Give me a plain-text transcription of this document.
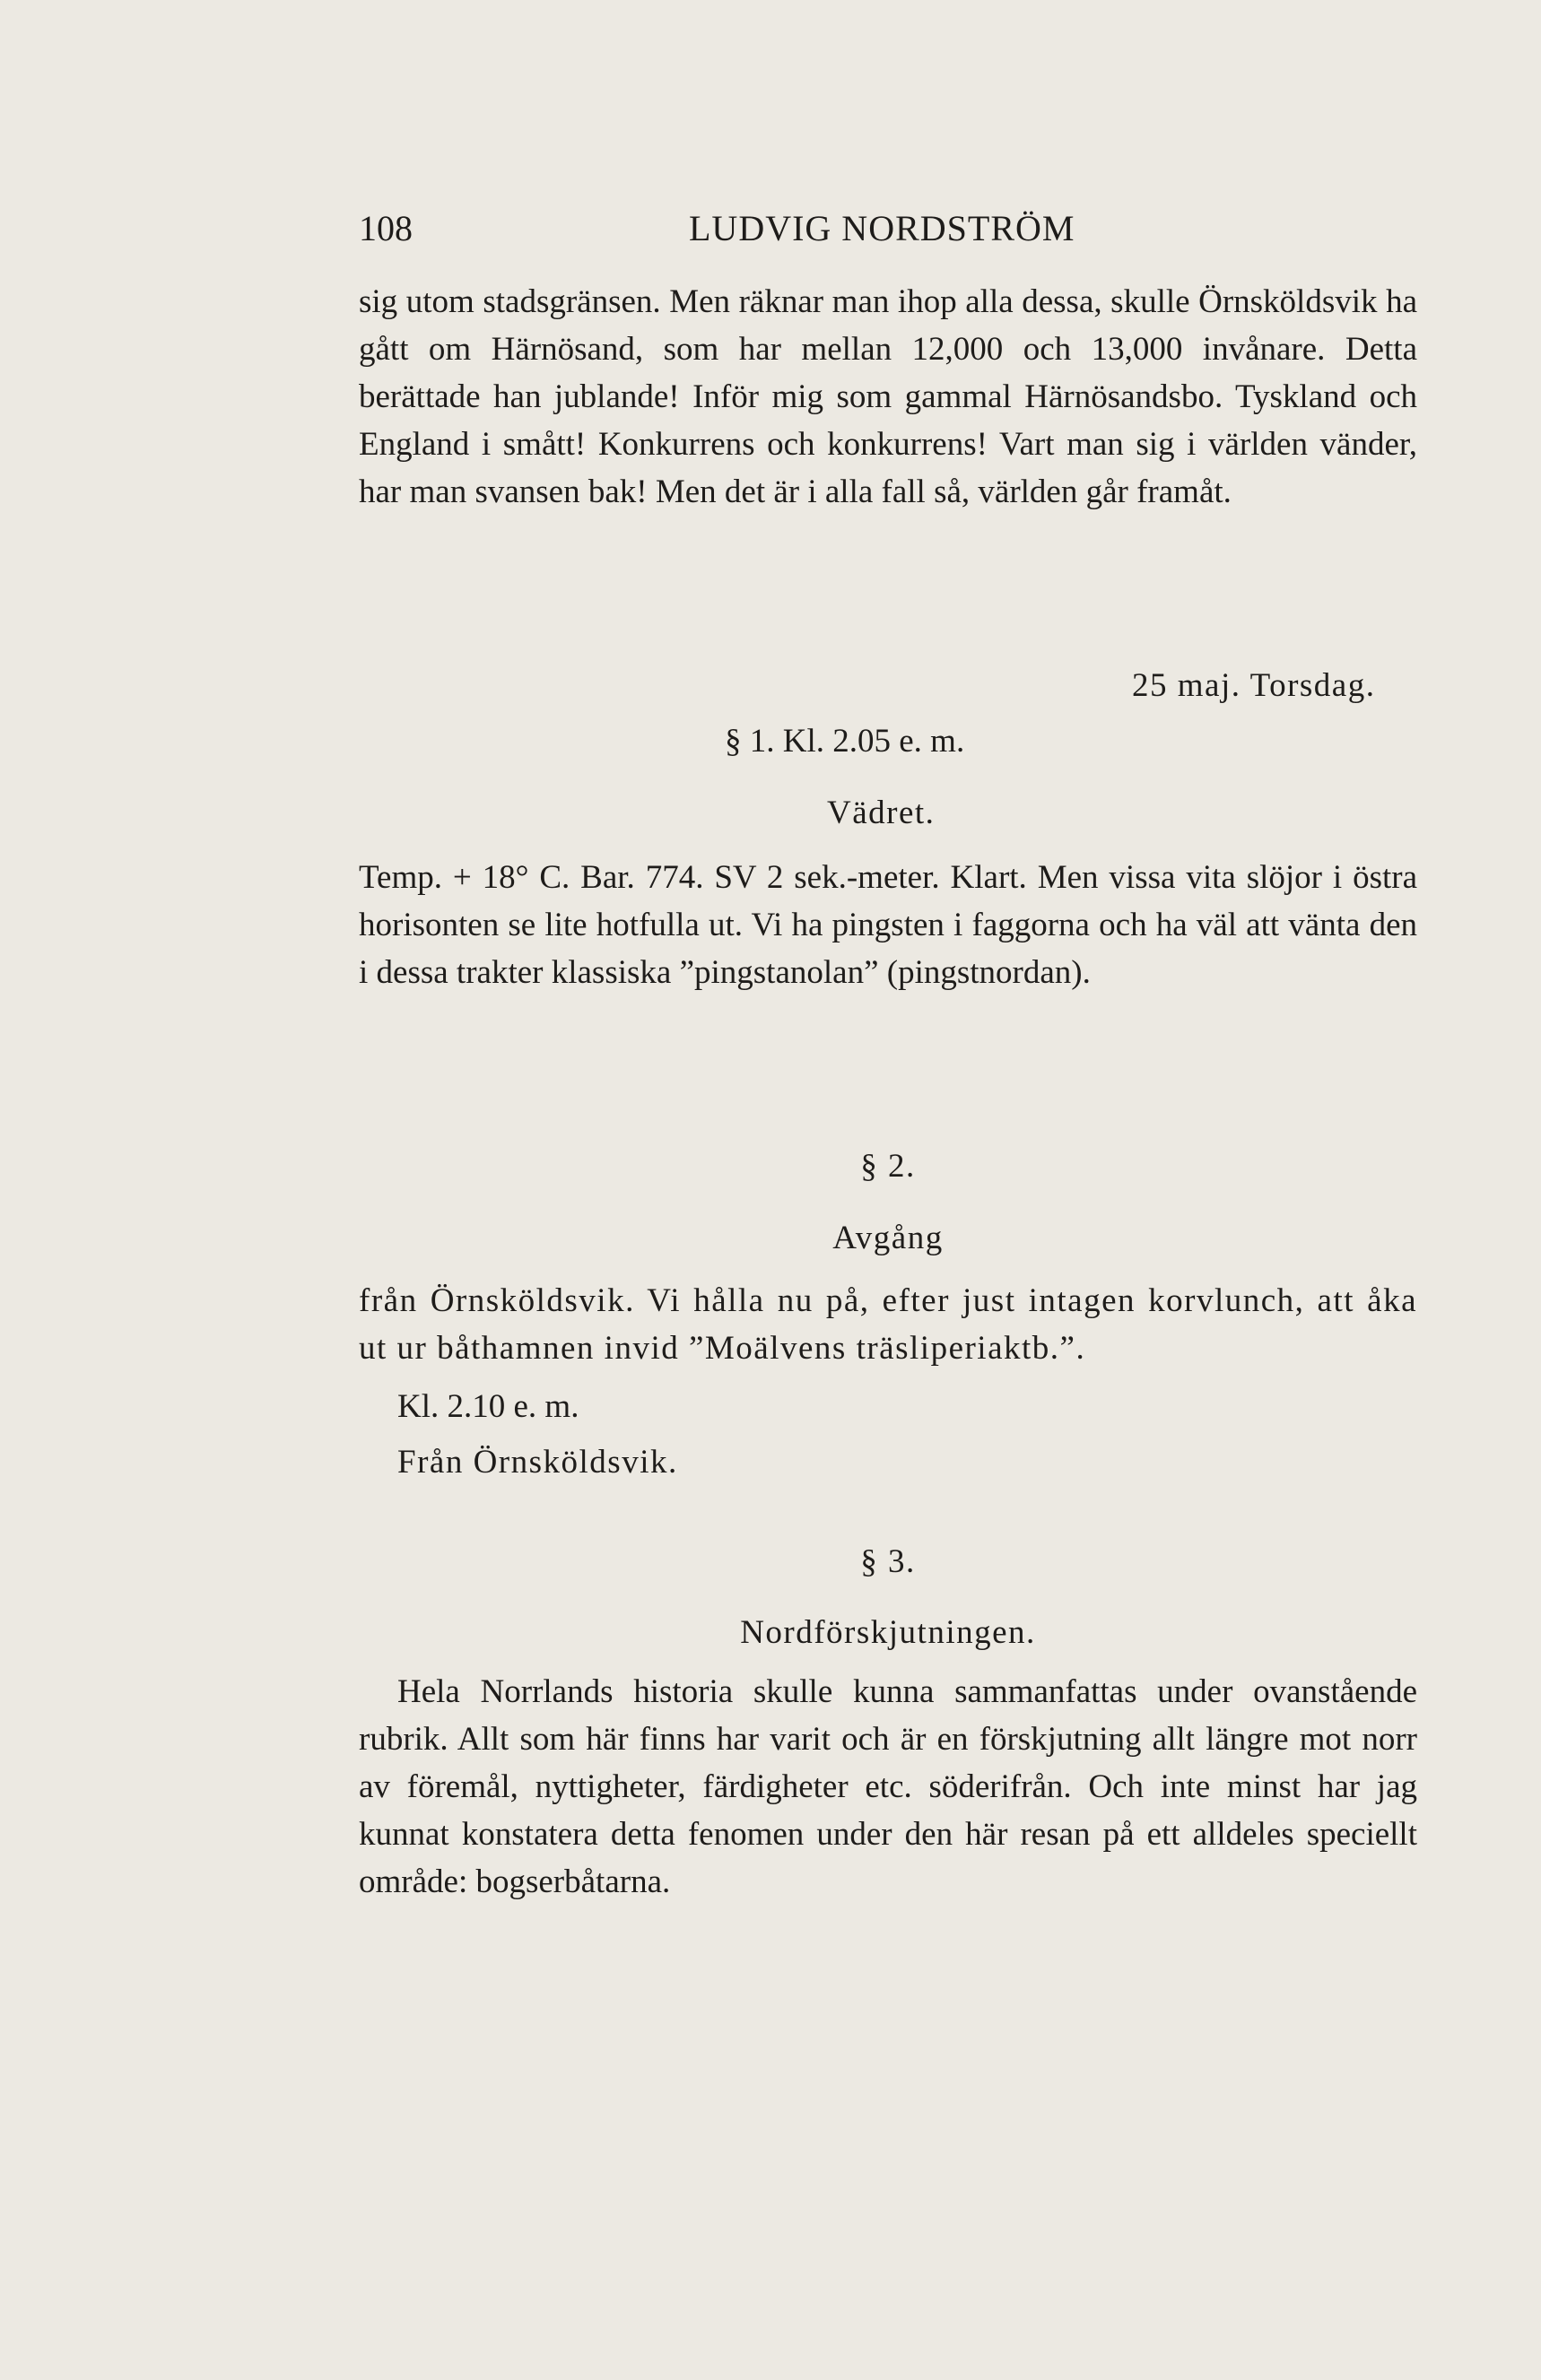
108	LUDVIG NORDSTRÖM
sig utom stadsgränsen. Men räknar man ihop alla dessa, skulle Örnsköldsvik ha gått om Härnösand, som har mellan 12,000 och 13,000 invånare. Detta berättade han jublande! Inför mig som gammal Härnösandsbo. Tyskland och England i smått! Konkurrens och konkurrens! Vart man sig i världen vänder, har man svansen bak! Men det är i alla fall så, världen går framåt.
25 maj. Torsdag.
§ 1. Kl. 2.05 e. m.
Vädret.
Temp. + 18° C. Bar. 774. SV 2 sek.-meter. Klart. Men vissa vita slöjor i östra horisonten se lite hotfulla ut. Vi ha pingsten i faggorna och ha väl att vänta den i dessa trakter klassiska ”pingstanolan” (pingstnordan).
§ 2.
Avgång
från Örnsköldsvik. Vi hålla nu på, efter just intagen korvlunch, att åka ut ur båthamnen invid ”Moälvens träsliperiaktb.”.
Kl. 2.10 e. m.
Från Örnsköldsvik.
§ 3.
Nordförskjutningen.
Hela Norrlands historia skulle kunna sammanfattas under ovanstående rubrik. Allt som här finns har varit och är en förskjutning allt längre mot norr av föremål, nyttigheter, färdigheter etc. söderifrån. Och inte minst har jag kunnat konstatera detta fenomen under den här resan på ett alldeles speciellt område: bogserbåtarna.
